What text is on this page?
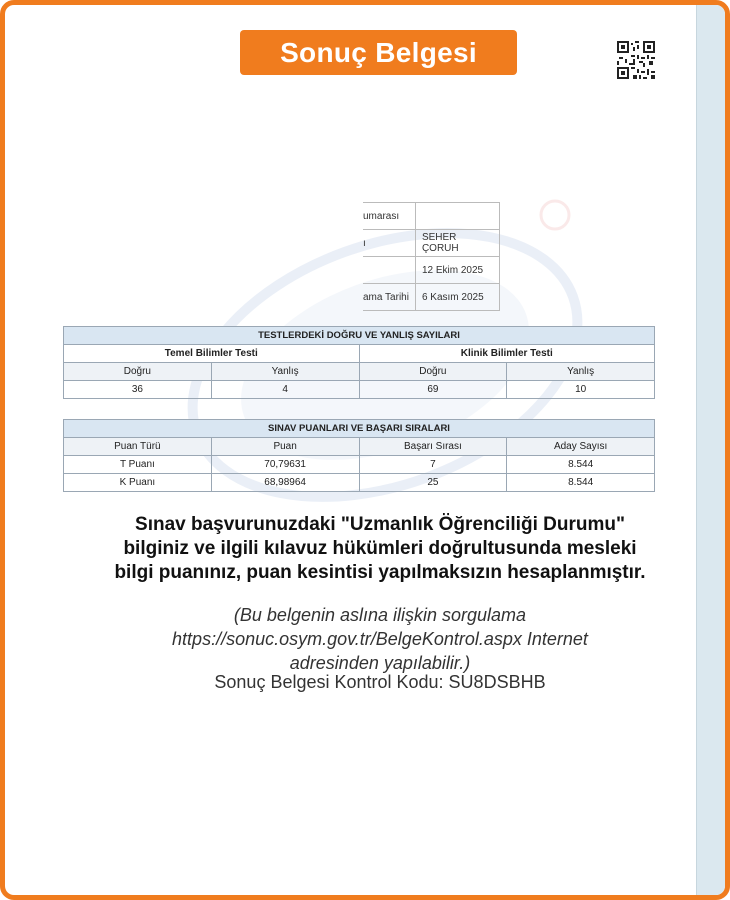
Sonuç Belgesi
umarası	
ı	SEHER ÇORUH
	12 Ekim 2025
ama Tarihi	6 Kasım 2025
TESTLERDEKİ DOĞRU VE YANLIŞ SAYILARI			
Temel Bilimler Testi		Klinik Bilimler Testi	
Doğru	Yanlış	Doğru	Yanlış
36	4	69	10
SINAV PUANLARI VE BAŞARI SIRALARI			
Puan Türü	Puan	Başarı Sırası	Aday Sayısı
T Puanı	70,79631	7	8.544
K Puanı	68,98964	25	8.544
Sınav başvurunuzdaki "Uzmanlık Öğrenciliği Durumu"
bilginiz ve ilgili kılavuz hükümleri doğrultusunda mesleki
bilgi puanınız, puan kesintisi yapılmaksızın hesaplanmıştır.
(Bu belgenin aslına ilişkin sorgulama
https://sonuc.osym.gov.tr/BelgeKontrol.aspx Internet
adresinden yapılabilir.)
Sonuç Belgesi Kontrol Kodu: SU8DSBHB
